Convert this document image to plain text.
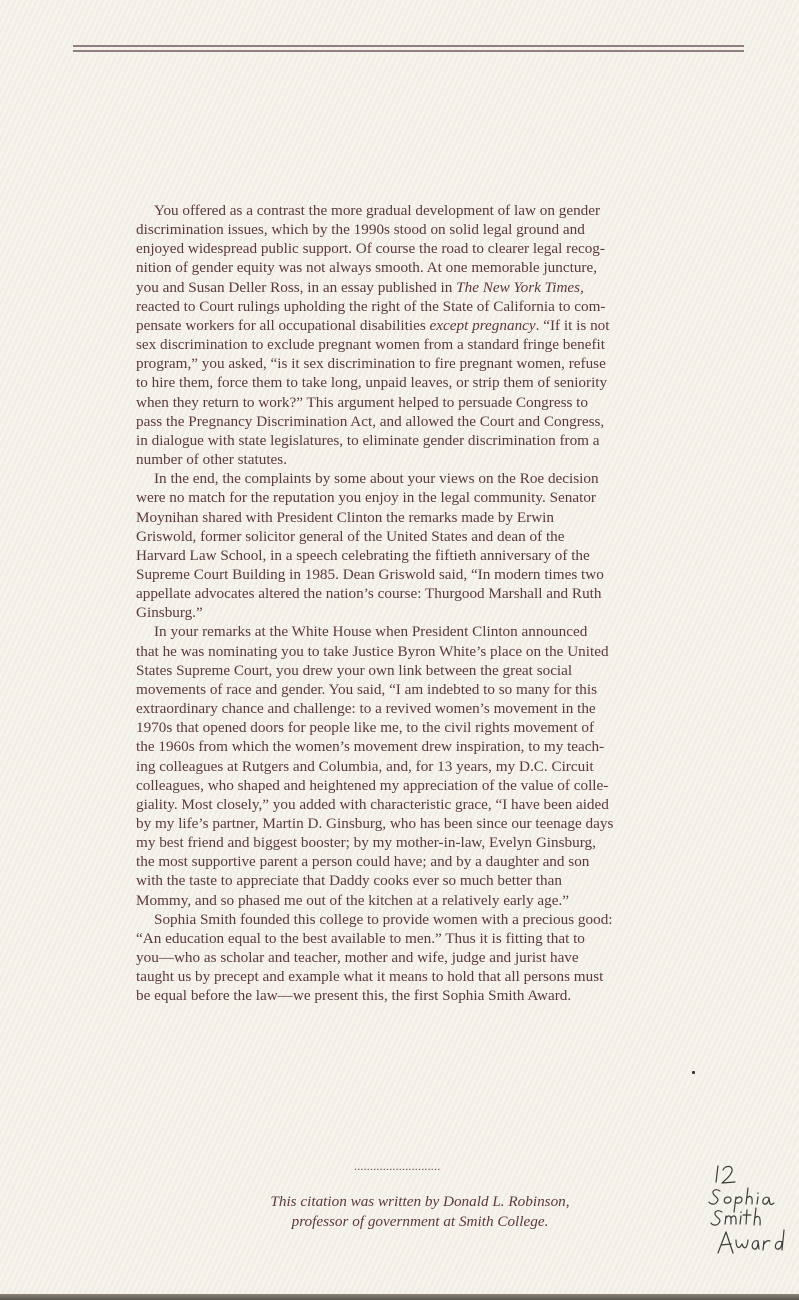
You offered as a contrast the more gradual development of law on gender
discrimination issues, which by the 1990s stood on solid legal ground and
enjoyed widespread public support. Of course the road to clearer legal recog-
nition of gender equity was not always smooth. At one memorable juncture,
you and Susan Deller Ross, in an essay published in The New York Times,
reacted to Court rulings upholding the right of the State of California to com-
pensate workers for all occupational disabilities except pregnancy. “If it is not
sex discrimination to exclude pregnant women from a standard fringe benefit
program,” you asked, “is it sex discrimination to fire pregnant women, refuse
to hire them, force them to take long, unpaid leaves, or strip them of seniority
when they return to work?” This argument helped to persuade Congress to
pass the Pregnancy Discrimination Act, and allowed the Court and Congress,
in dialogue with state legislatures, to eliminate gender discrimination from a
number of other statutes.
In the end, the complaints by some about your views on the Roe decision
were no match for the reputation you enjoy in the legal community. Senator
Moynihan shared with President Clinton the remarks made by Erwin
Griswold, former solicitor general of the United States and dean of the
Harvard Law School, in a speech celebrating the fiftieth anniversary of the
Supreme Court Building in 1985. Dean Griswold said, “In modern times two
appellate advocates altered the nation’s course: Thurgood Marshall and Ruth
Ginsburg.”
In your remarks at the White House when President Clinton announced
that he was nominating you to take Justice Byron White’s place on the United
States Supreme Court, you drew your own link between the great social
movements of race and gender. You said, “I am indebted to so many for this
extraordinary chance and challenge: to a revived women’s movement in the
1970s that opened doors for people like me, to the civil rights movement of
the 1960s from which the women’s movement drew inspiration, to my teach-
ing colleagues at Rutgers and Columbia, and, for 13 years, my D.C. Circuit
colleagues, who shaped and heightened my appreciation of the value of colle-
giality. Most closely,” you added with characteristic grace, “I have been aided
by my life’s partner, Martin D. Ginsburg, who has been since our teenage days
my best friend and biggest booster; by my mother-in-law, Evelyn Ginsburg,
the most supportive parent a person could have; and by a daughter and son
with the taste to appreciate that Daddy cooks ever so much better than
Mommy, and so phased me out of the kitchen at a relatively early age.”
Sophia Smith founded this college to provide women with a precious good:
“An education equal to the best available to men.” Thus it is fitting that to
you—who as scholar and teacher, mother and wife, judge and jurist have
taught us by precept and example what it means to hold that all persons must
be equal before the law—we present this, the first Sophia Smith Award.
...........................
This citation was written by Donald L. Robinson,
professor of government at Smith College.
